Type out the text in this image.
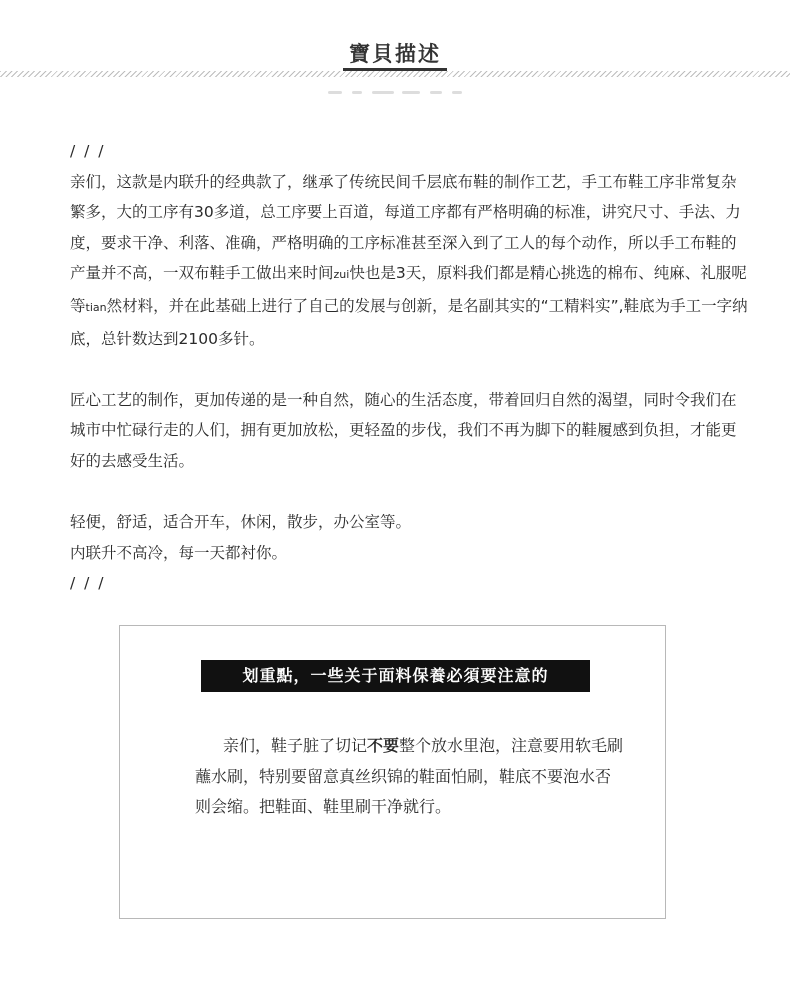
寶貝描述

/ / /

亲们，这款是内联升的经典款了，继承了传统民间千层底布鞋的制作工艺，手工布鞋工序非常复杂繁多，大的工序有30多道，总工序要上百道，每道工序都有严格明确的标准，讲究尺寸、手法、力度，要求干净、利落、准确，严格明确的工序标准甚至深入到了工人的每个动作，所以手工布鞋的产量并不高，一双布鞋手工做出来时间zui快也是3天，原料我们都是精心挑选的棉布、纯麻、礼服呢等tian然材料，并在此基础上进行了自己的发展与创新，是名副其实的“工精料实”,鞋底为手工一字纳底，总针数达到2100多针。

匠心工艺的制作，更加传递的是一种自然，随心的生活态度，带着回归自然的渴望，同时令我们在城市中忙碌行走的人们，拥有更加放松，更轻盈的步伐，我们不再为脚下的鞋履感到负担，才能更好的去感受生活。

轻便，舒适，适合开车，休闲，散步，办公室等。

内联升不高冷，每一天都衬你。

/ / /

划重點，一些关于面料保養必須要注意的
亲们，鞋子脏了切记不要整个放水里泡，注意要用软毛刷蘸水刷，特别要留意真丝织锦的鞋面怕刷，鞋底不要泡水否则会缩。把鞋面、鞋里刷干净就行。
